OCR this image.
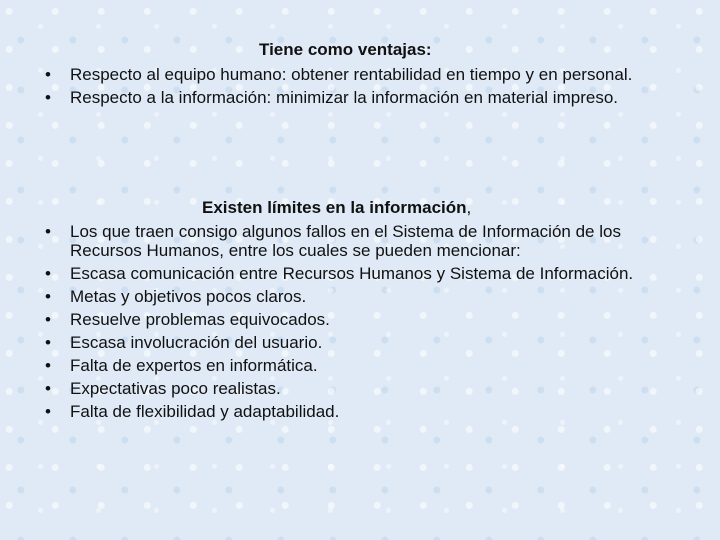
Tiene como ventajas:
• Respecto al equipo humano: obtener rentabilidad en tiempo y en personal.
• Respecto a la información: minimizar la información en material impreso.
Existen límites en la información,
• Los que traen consigo algunos fallos en el Sistema de Información de los Recursos Humanos, entre los cuales se pueden mencionar:
• Escasa comunicación entre Recursos Humanos y Sistema de Información.
• Metas y objetivos pocos claros.
• Resuelve problemas equivocados.
• Escasa involucración del usuario.
• Falta de expertos en informática.
• Expectativas poco realistas.
• Falta de flexibilidad y adaptabilidad.
